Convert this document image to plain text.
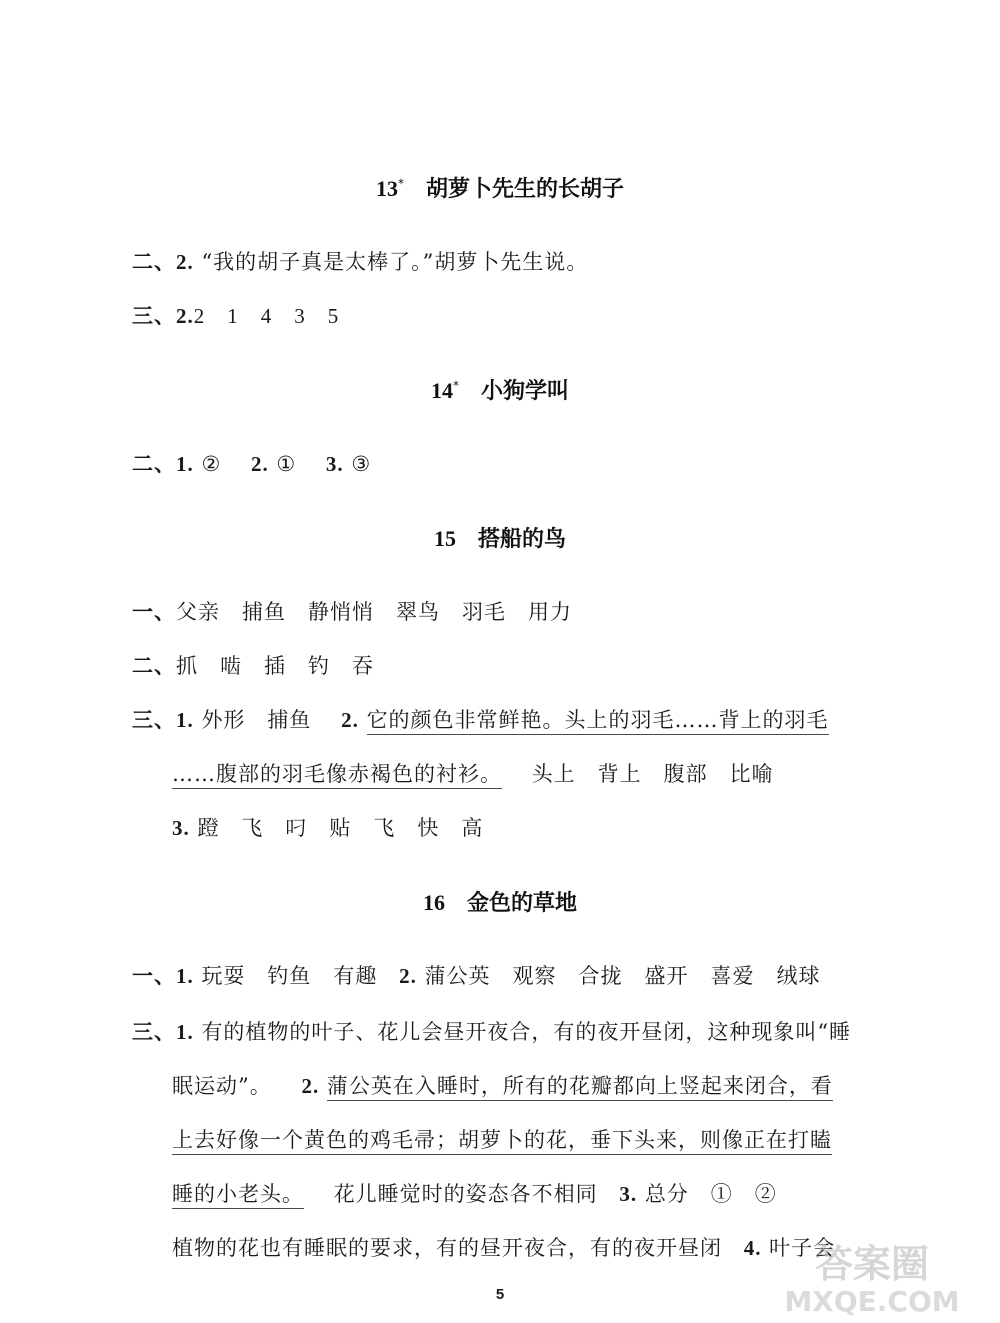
13* 胡萝卜先生的长胡子
二、2. “我的胡子真是太棒了。”胡萝卜先生说。
三、2.2　1　4　3　5
14* 小狗学叫
二、1. ② 2. ① 3. ③
15 搭船的鸟
一、父亲　捕鱼　静悄悄　翠鸟　羽毛　用力
二、抓　啮　插　钓　吞
三、1. 外形　捕鱼 2. 它的颜色非常鲜艳。头上的羽毛……背上的羽毛
……腹部的羽毛像赤褐色的衬衫。 头上　背上　腹部　比喻
3. 蹬　飞　叼　贴　飞　快　高
16 金色的草地
一、1. 玩耍　钓鱼　有趣 2. 蒲公英　观察　合拢　盛开　喜爱　绒球
三、1. 有的植物的叶子、花儿会昼开夜合，有的夜开昼闭，这种现象叫“睡
眠运动”。 2. 蒲公英在入睡时，所有的花瓣都向上竖起来闭合，看
上去好像一个黄色的鸡毛帚；胡萝卜的花，垂下头来，则像正在打瞌
睡的小老头。 花儿睡觉时的姿态各不相同 3. 总分　①　②
植物的花也有睡眠的要求，有的昼开夜合，有的夜开昼闭 4. 叶子会
5
答案圈
MXQE.COM
